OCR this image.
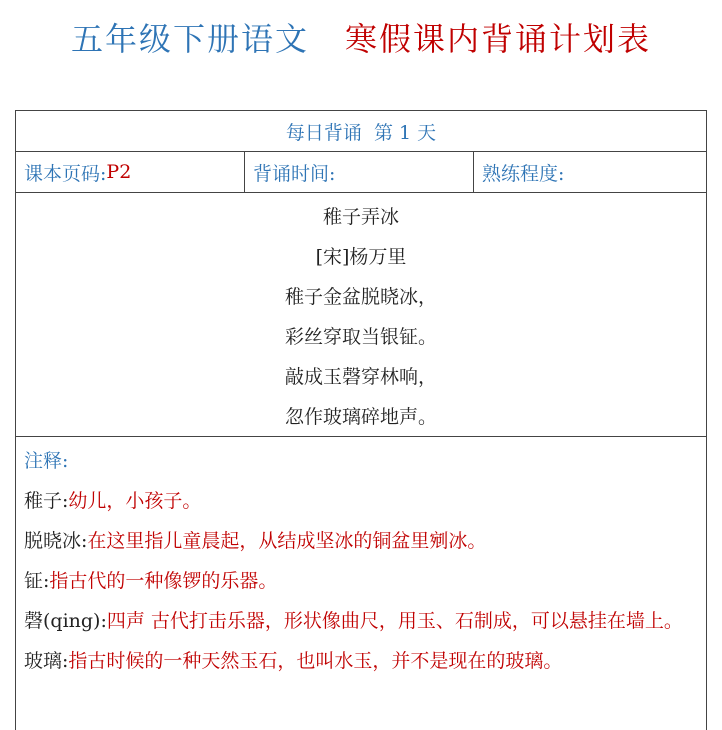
五年级下册语文 寒假课内背诵计划表
每日背诵  第 1 天
课本页码: P2	背诵时间:	熟练程度:
稚子弄冰
[宋]杨万里
稚子金盆脱晓冰，
彩丝穿取当银钲。
敲成玉磬穿林响，
忽作玻璃碎地声。
注释:
稚子:幼儿，小孩子。
脱晓冰:在这里指儿童晨起，从结成坚冰的铜盆里剜冰。
钲:指古代的一种像锣的乐器。
磬(qing):四声 古代打击乐器，形状像曲尺，用玉、石制成，可以悬挂在墙上。
玻璃:指古时候的一种天然玉石，也叫水玉，并不是现在的玻璃。
